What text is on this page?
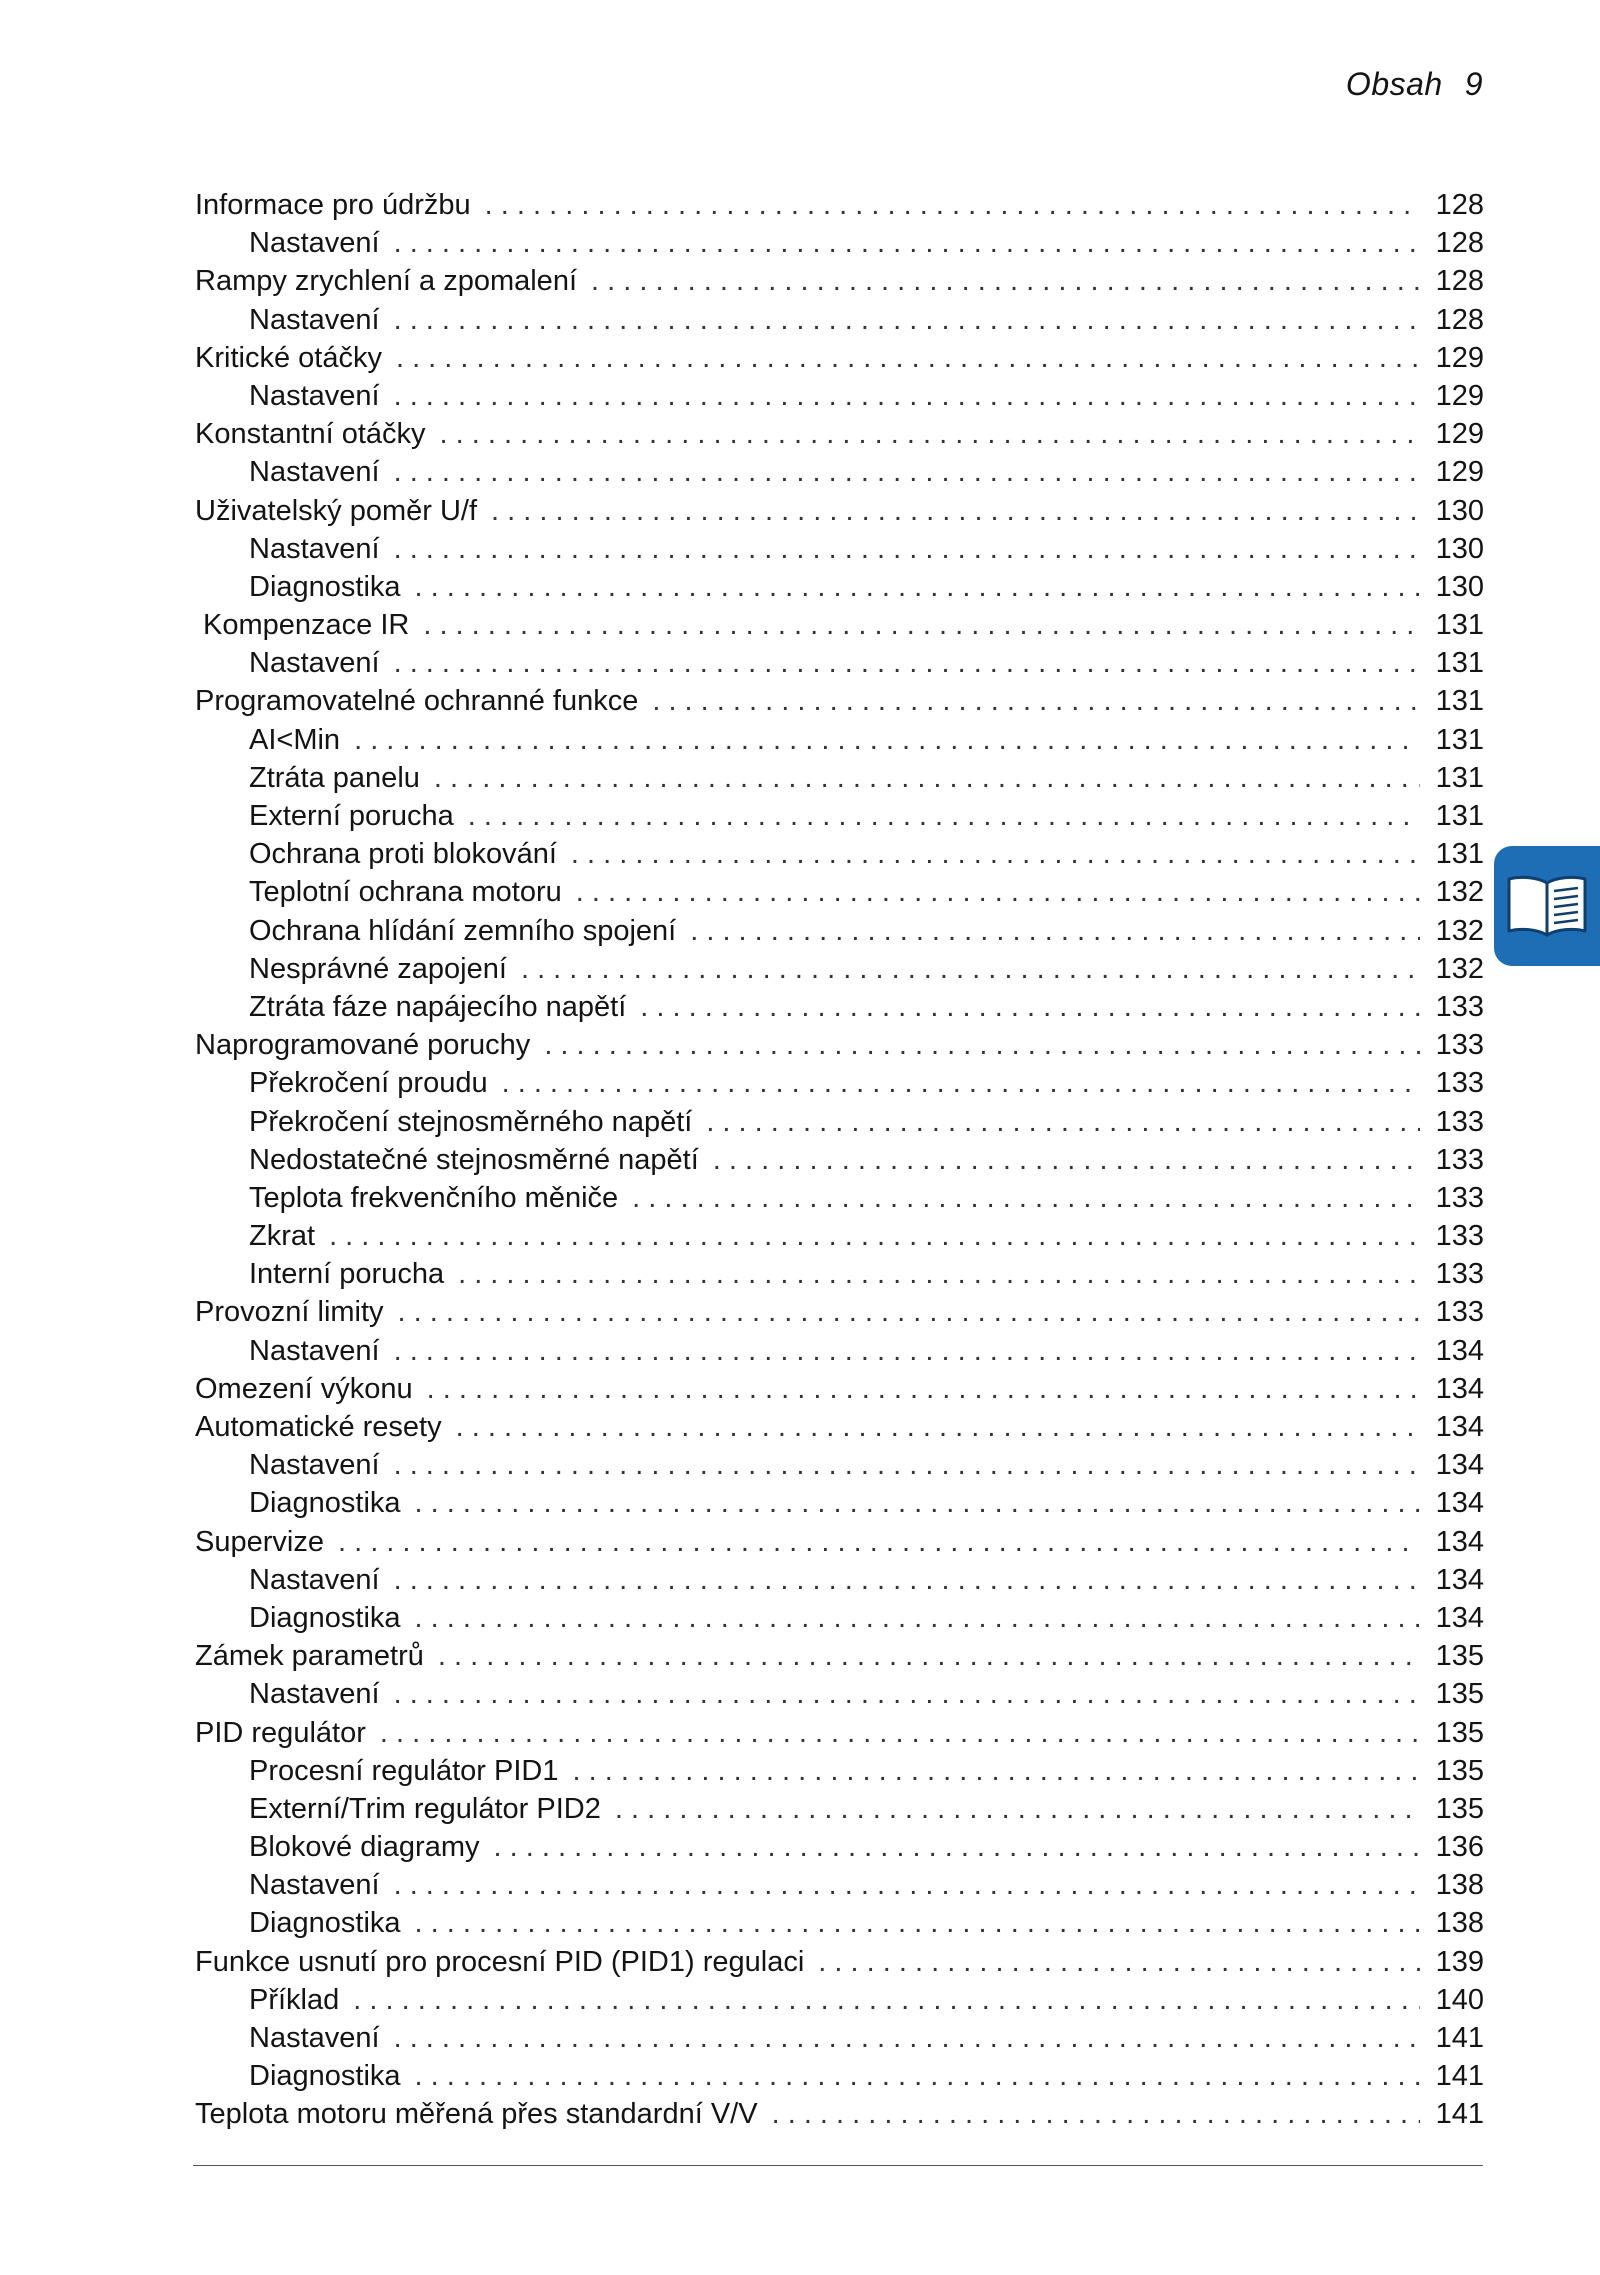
Obsah 9
Informace pro údržbu . . .	128
Nastavení . . .	128
Rampy zrychlení a zpomalení . . .	128
Nastavení . . .	128
Kritické otáčky . . .	129
Nastavení . . .	129
Konstantní otáčky . . .	129
Nastavení . . .	129
Uživatelský poměr U/f . . .	130
Nastavení . . .	130
Diagnostika . . .	130
Kompenzace IR . . .	131
Nastavení . . .	131
Programovatelné ochranné funkce . . .	131
AI<Min . . .	131
Ztráta panelu . . .	131
Externí porucha . . .	131
Ochrana proti blokování . . .	131
Teplotní ochrana motoru . . .	132
Ochrana hlídání zemního spojení . . .	132
Nesprávné zapojení . . .	132
Ztráta fáze napájecího napětí . . .	133
Naprogramované poruchy . . .	133
Překročení proudu . . .	133
Překročení stejnosměrného napětí . . .	133
Nedostatečné stejnosměrné napětí . . .	133
Teplota frekvenčního měniče . . .	133
Zkrat . . .	133
Interní porucha . . .	133
Provozní limity . . .	133
Nastavení . . .	134
Omezení výkonu . . .	134
Automatické resety . . .	134
Nastavení . . .	134
Diagnostika . . .	134
Supervize . . .	134
Nastavení . . .	134
Diagnostika . . .	134
Zámek parametrů . . .	135
Nastavení . . .	135
PID regulátor . . .	135
Procesní regulátor PID1 . . .	135
Externí/Trim regulátor PID2 . . .	135
Blokové diagramy . . .	136
Nastavení . . .	138
Diagnostika . . .	138
Funkce usnutí pro procesní PID (PID1) regulaci . . .	139
Příklad . . .	140
Nastavení . . .	141
Diagnostika . . .	141
Teplota motoru měřená přes standardní V/V . . .	141
